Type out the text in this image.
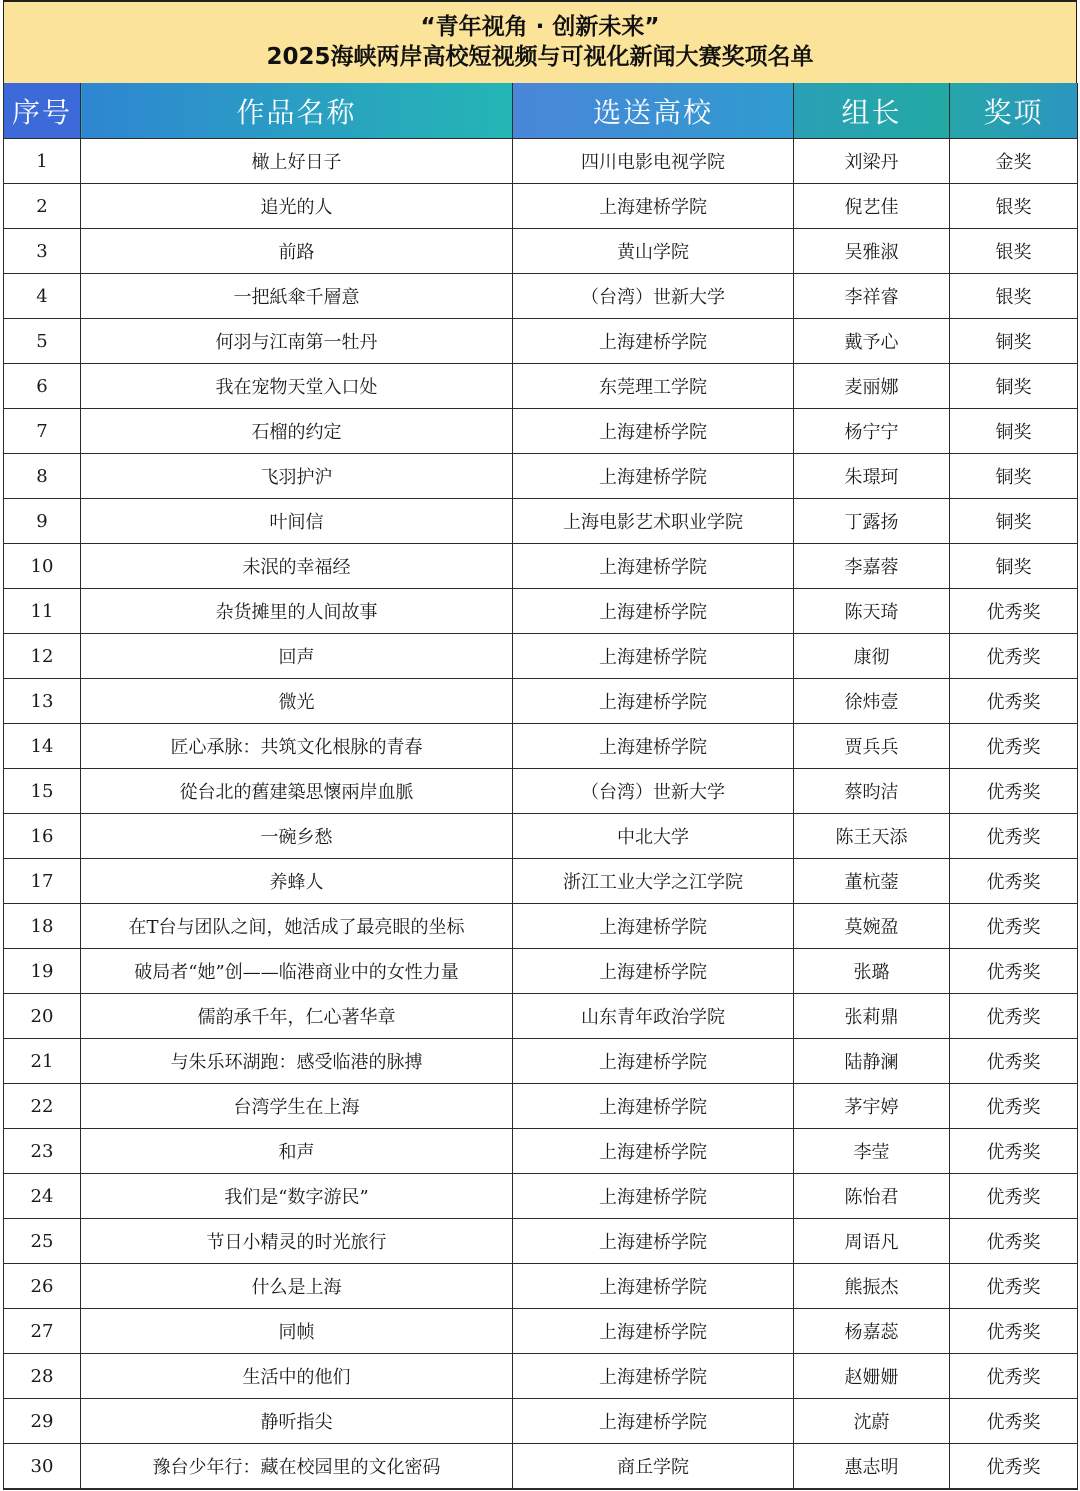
“青年视角 · 创新未来”
2025海峡两岸高校短视频与可视化新闻大赛奖项名单
序号	作品名称	选送高校	组长	奖项
1	橄上好日子	四川电影电视学院	刘梁丹	金奖
2	追光的人	上海建桥学院	倪艺佳	银奖
3	前路	黄山学院	吴雅淑	银奖
4	一把紙傘千層意	（台湾）世新大学	李祥睿	银奖
5	何羽与江南第一牡丹	上海建桥学院	戴予心	铜奖
6	我在宠物天堂入口处	东莞理工学院	麦丽娜	铜奖
7	石榴的约定	上海建桥学院	杨宁宁	铜奖
8	飞羽护沪	上海建桥学院	朱璟珂	铜奖
9	叶间信	上海电影艺术职业学院	丁露扬	铜奖
10	未泯的幸福经	上海建桥学院	李嘉蓉	铜奖
11	杂货摊里的人间故事	上海建桥学院	陈天琦	优秀奖
12	回声	上海建桥学院	康彻	优秀奖
13	微光	上海建桥学院	徐炜壹	优秀奖
14	匠心承脉：共筑文化根脉的青春	上海建桥学院	贾兵兵	优秀奖
15	從台北的舊建築思懷兩岸血脈	（台湾）世新大学	蔡昀洁	优秀奖
16	一碗乡愁	中北大学	陈王天添	优秀奖
17	养蜂人	浙江工业大学之江学院	董杭蓥	优秀奖
18	在T台与团队之间，她活成了最亮眼的坐标	上海建桥学院	莫婉盈	优秀奖
19	破局者“她”创——临港商业中的女性力量	上海建桥学院	张璐	优秀奖
20	儒韵承千年，仁心著华章	山东青年政治学院	张莉鼎	优秀奖
21	与朱乐环湖跑：感受临港的脉搏	上海建桥学院	陆静澜	优秀奖
22	台湾学生在上海	上海建桥学院	茅宇婷	优秀奖
23	和声	上海建桥学院	李莹	优秀奖
24	我们是“数字游民”	上海建桥学院	陈怡君	优秀奖
25	节日小精灵的时光旅行	上海建桥学院	周语凡	优秀奖
26	什么是上海	上海建桥学院	熊振杰	优秀奖
27	同帧	上海建桥学院	杨嘉蕊	优秀奖
28	生活中的他们	上海建桥学院	赵姗姗	优秀奖
29	静听指尖	上海建桥学院	沈蔚	优秀奖
30	豫台少年行：藏在校园里的文化密码	商丘学院	惠志明	优秀奖
